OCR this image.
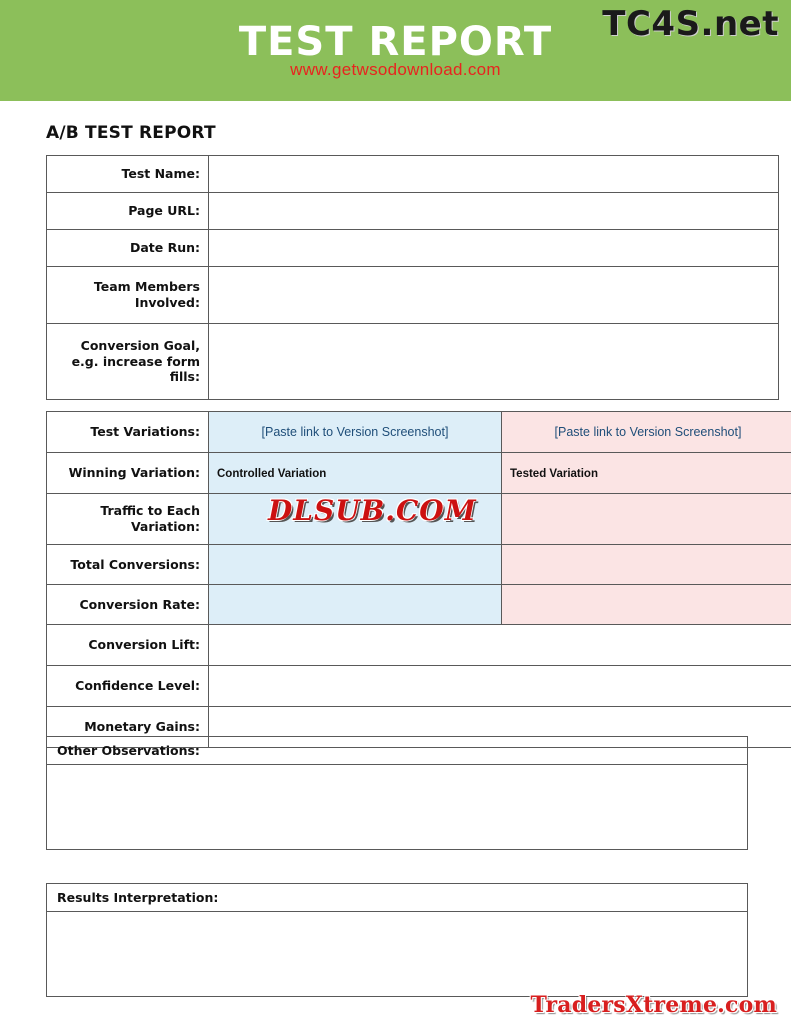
TEST REPORT
www.getwsodownload.com
TC4S.net
A/B TEST REPORT
Test Name:	
Page URL:	
Date Run:	
Team Members Involved:	
Conversion Goal, e.g. increase form fills:	
Test Variations:	[Paste link to Version Screenshot]	[Paste link to Version Screenshot]

Winning Variation:	Controlled Variation	Tested Variation
Traffic to Each Variation:		
Total Conversions:		
Conversion Rate:		
Conversion Lift:		
Confidence Level:		
Monetary Gains:		
Other Observations:
Results Interpretation:
DLSUB.COM
TradersXtreme.com
